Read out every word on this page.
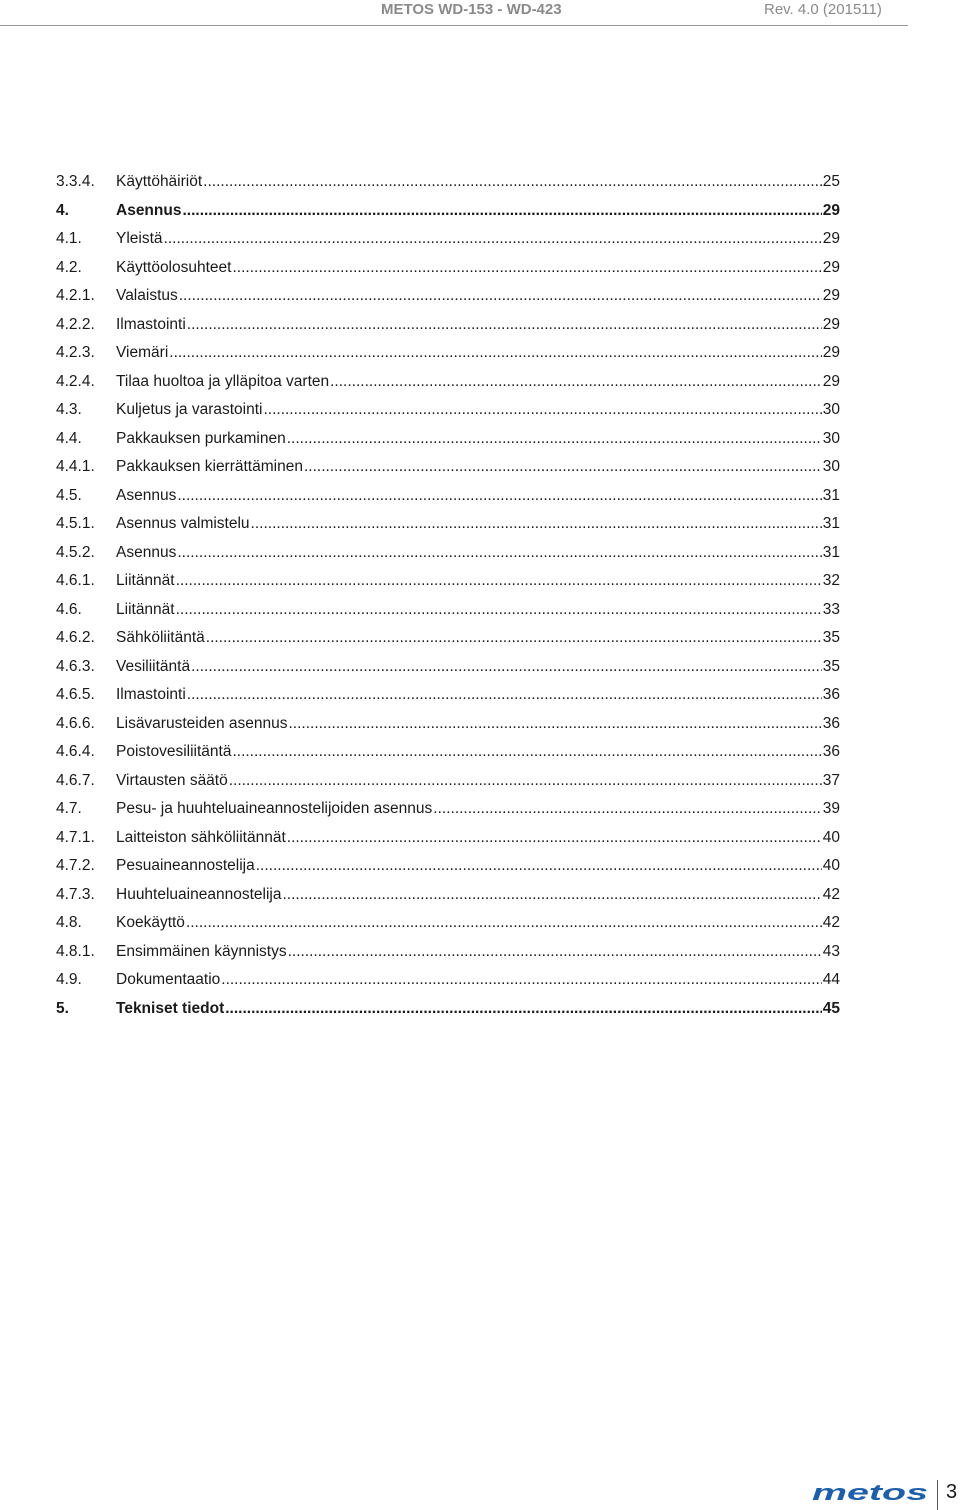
METOS WD-153 - WD-423	Rev. 4.0 (201511)
3.3.4.	Käyttöhäiriöt .....	25
4.	Asennus .....	29
4.1.	Yleistä .....	29
4.2.	Käyttöolosuhteet .....	29
4.2.1.	Valaistus .....	29
4.2.2.	Ilmastointi .....	29
4.2.3.	Viemäri .....	29
4.2.4.	Tilaa huoltoa ja ylläpitoa varten .....	29
4.3.	Kuljetus ja varastointi .....	30
4.4.	Pakkauksen purkaminen .....	30
4.4.1.	Pakkauksen kierrättäminen .....	30
4.5.	Asennus .....	31
4.5.1.	Asennus valmistelu .....	31
4.5.2.	Asennus .....	31
4.6.1.	Liitännät .....	32
4.6.	Liitännät .....	33
4.6.2.	Sähköliitäntä .....	35
4.6.3.	Vesiliitäntä .....	35
4.6.5.	Ilmastointi .....	36
4.6.6.	Lisävarusteiden asennus .....	36
4.6.4.	Poistovesiliitäntä .....	36
4.6.7.	Virtausten säätö .....	37
4.7.	Pesu- ja huuhteluaineannostelijoiden asennus .....	39
4.7.1.	Laitteiston sähköliitännät .....	40
4.7.2.	Pesuaineannostelija .....	40
4.7.3.	Huuhteluaineannostelija .....	42
4.8.	Koekäyttö .....	42
4.8.1.	Ensimmäinen käynnistys .....	43
4.9.	Dokumentaatio .....	44
5.	Tekniset tiedot .....	45
metos 3
